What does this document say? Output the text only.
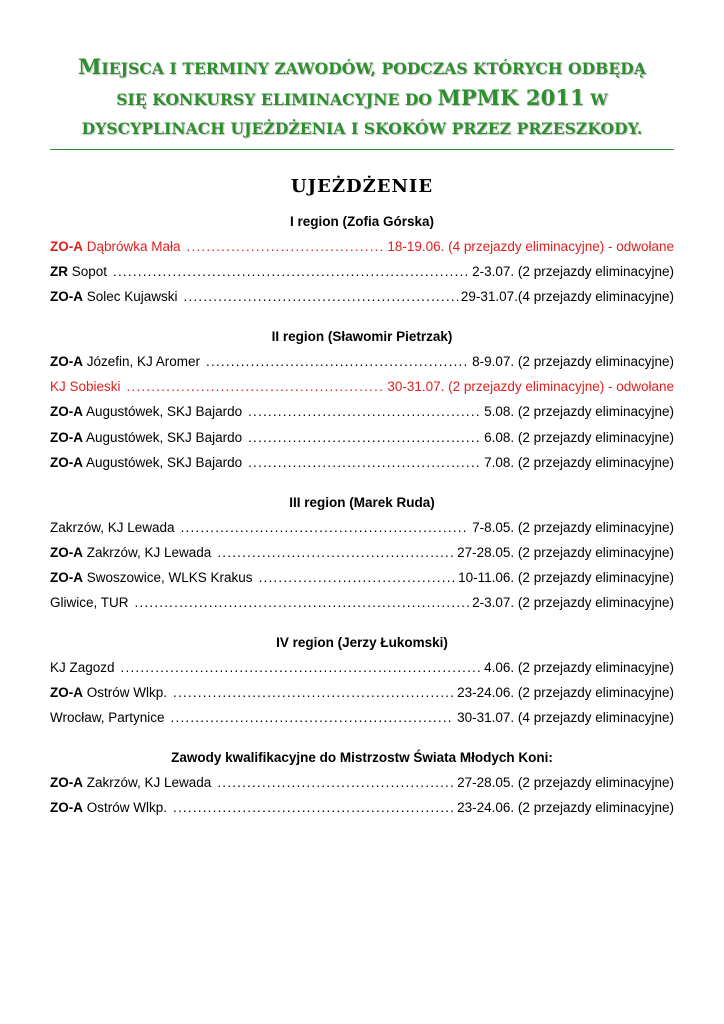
MIEJSCA I TERMINY ZAWODÓW, PODCZAS KTÓRYCH ODBĘDĄ
SIĘ KONKURSY ELIMINACYJNE DO MPMK 2011 W
DYSCYPLINACH UJEŻDŻENIA I SKOKÓW PRZEZ PRZESZKODY.
UJEŻDŻENIE
I region (Zofia Górska)
ZO-A Dąbrówka Mała .....	18-19.06. (4 przejazdy eliminacyjne) - odwołane
ZR Sopot .....	2-3.07. (2 przejazdy eliminacyjne)
ZO-A Solec Kujawski .....	29-31.07.(4 przejazdy eliminacyjne)
II region (Sławomir Pietrzak)
ZO-A Józefin, KJ Aromer .....	8-9.07. (2 przejazdy eliminacyjne)
KJ Sobieski .....	30-31.07. (2 przejazdy eliminacyjne) - odwołane
ZO-A Augustówek, SKJ Bajardo .....	5.08. (2 przejazdy eliminacyjne)
ZO-A Augustówek, SKJ Bajardo .....	6.08. (2 przejazdy eliminacyjne)
ZO-A Augustówek, SKJ Bajardo .....	7.08. (2 przejazdy eliminacyjne)
III region (Marek Ruda)
Zakrzów, KJ Lewada .....	7-8.05. (2 przejazdy eliminacyjne)
ZO-A Zakrzów, KJ Lewada .....	27-28.05. (2 przejazdy eliminacyjne)
ZO-A Swoszowice, WLKS Krakus .....	10-11.06. (2 przejazdy eliminacyjne)
Gliwice, TUR .....	2-3.07. (2 przejazdy eliminacyjne)
IV region (Jerzy Łukomski)
KJ Zagozd .....	4.06. (2 przejazdy eliminacyjne)
ZO-A Ostrów Wlkp. .....	23-24.06. (2 przejazdy eliminacyjne)
Wrocław, Partynice .....	30-31.07. (4 przejazdy eliminacyjne)
Zawody kwalifikacyjne do Mistrzostw Świata Młodych Koni:
ZO-A Zakrzów, KJ Lewada .....	27-28.05. (2 przejazdy eliminacyjne)
ZO-A Ostrów Wlkp. .....	23-24.06. (2 przejazdy eliminacyjne)
